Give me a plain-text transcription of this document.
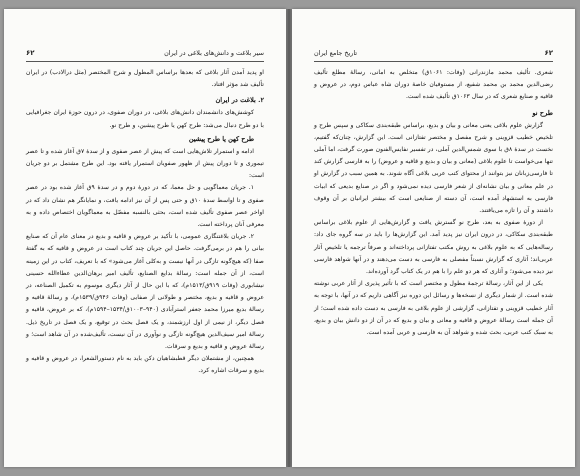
۶۲	سیر بلاغت و دانش‌های بلاغی در ایران

او پدید آمدن آثار بلاغی که بعدها براساس المطول و شرح المختصر (مثل درالادب) در ایران تألیف شد مؤثر افتاد.

۲. بلاغت در ایران

کوشش‌های دانشمندان دانش‌های بلاغی، در دوران صفوی، در درون حوزهٔ ایران جغرافیایی با دو طرح دنبال می‌شد: طرح کهن یا طرح پیشین، و طرح نو.

طرح کهن یا طرح پیشین

ادامه و استمرار تلاش‌هایی است که پیش از عصر صفوی و از سدهٔ ۷ق آغاز شده و تا عصر تیموری و تا دوران پیش از ظهور صفویان استمرار یافته بود. این طرح مشتمل بر دو جریان است:

۱. جریان معماگویی و حل معما، که در دورهٔ دوم و در سدهٔ ۹ق آغاز شده بود در عصر صفوی و تا اواسط سدهٔ ۱۰ق و حتی پس از آن نیز ادامه یافت، و نمایانگر هم نشان داد که در اواخر عصر صفوی تألیف شده است، بحثی بالنسبه مفصّل به معماگویان اختصاص داده و به معرفی آنان پرداخته است.

۲. جریان بلاغتنگاری عمومی، با تأکید بر عروض و قافیه و بدیع در معنای عام آن که صنایع بیانی را هم در برمی‌گرفت. حاصل این جریان چند کتاب است در عروض و قافیه که به گفتهٔ صفا (که هیچ‌گونه تازگی در آنها نیست و به‌کلی آغاز می‌شود» که با تعریف، کتاب در این زمینه است، از آن جمله است: رسالهٔ بدایع الصنایع، تألیف امیر برهان‌الدین عطاءالله حسینی نیشابوری (وفات ۹۱۹ق/۱۵۱۳م)، که با این حال از آثار دیگری موسوم به تکمیل الصناعه، در عروض و قافیه و بدیع، مختصر و طولانی از صفایی (وفات ۹۴۶ق/۱۵۳۹م)، و رسالهٔ قافیه و رسالهٔ بدیع میرزا محمد جعفر استرآبادی (۹۴۰–۱۰۰۳ق/۱۵۳۴–۱۵۹۴م)، که بر عروض، قافیه و فصل دیگر، از نیمی از اول ارزشمند، و یک فصل بحث در توقیع، و یک فصل در تاریخ ذیل. رسالهٔ امیر سیف‌الدین هیچ‌گونه تازگی و نوآوری در آن نیست، تألیف‌شده در آن شاهد است؛ و رسالهٔ عروض و قافیه و بدیع و سرقات.

همچنین، از مشتملان دیگر قطبشاهیان دکن باید به نام دستورالشعرا، در عروض و قافیه و بدیع و سرقات اشاره کرد.

۶۲
تاریخ جامع ایران

شعری. تألیف محمد مازندرانی (وفات: ۱۰۶۱ق) متخلص به امانی، رسالهٔ مطلع تألیف رضی‌الدین محمد بن محمد شفیع، از مستوفیان خاصهٔ دوران شاه عباس دوم، در عروض و قافیه و صنایع شعری که در سال ۱۰۶۳ق تألیف شده است.

طرح نو

گزارش علوم بلاغی یعنی معانی و بیان و بدیع، براساس طبقه‌بندی سکاکی و سپس طرح و تلخیص خطیب قزوینی و شرح مفصل و مختصر تفتازانی است. این گزارش، چنان‌که گفتیم، نخست در سدهٔ ۸ق با سوی شمس‌الدین آملی، در تفسیر نفایس‌الفنون صورت گرفت، اما آملی تنها می‌خواست تا علوم بلاغی (معانی و بیان و بدیع و قافیه و عروض) را به فارسی گزارش کند تا فارسی‌زبانان نیز بتوانند از محتوای کتب عربی بلاغی آگاه شوند. به همین سبب در گزارش او در علم معانی و بیان نشانه‌ای از شعر فارسی دیده نمی‌شود و اگر در صنایع بدیعی که ابیات فارسی به استشهاد آمده است، آن دسته از صنایعی است که بیشتر ایرانیان بر آن وقوف داشتند و آن را تازه می‌یافتند.

از دورهٔ صفوی به بعد، طرح نو گسترش یافت و گزارش‌هایی از علوم بلاغی براساس طبقه‌بندی سکاکی، در درون ایران نیز پدید آمد. این گزارش‌ها را باید در سه گروه جای داد: رساله‌هایی که به علوم بلاغی به روش مکتب تفتازانی پرداخته‌اند و صرفاً ترجمه یا تلخیص آثار عربی‌اند؛ آثاری که گزارش نسبتاً مفصلی به فارسی به دست می‌دهند و در آنها شواهد فارسی نیز دیده می‌شود؛ و آثاری که هر دو علم را با هم در یک کتاب گرد آورده‌اند.

یکی از این آثار، رسالهٔ ترجمهٔ مطول و مختصر است که با تأثیر پذیری از آثار عربی نوشته شده است. از شمار دیگری از نسخه‌ها و رسائل این دوره نیز آگاهی داریم که در آنها، با توجه به آثار خطیب قزوینی و تفتازانی، گزارشی از علوم بلاغی به فارسی به دست داده شده است؛ از آن جمله است رسالهٔ عروض و قافیه و معانی و بیان و بدیع که در آن از دو دانش بیان و بدیع، به سبک کتب عربی، بحث شده و شواهد آن به فارسی و عربی آمده است.
